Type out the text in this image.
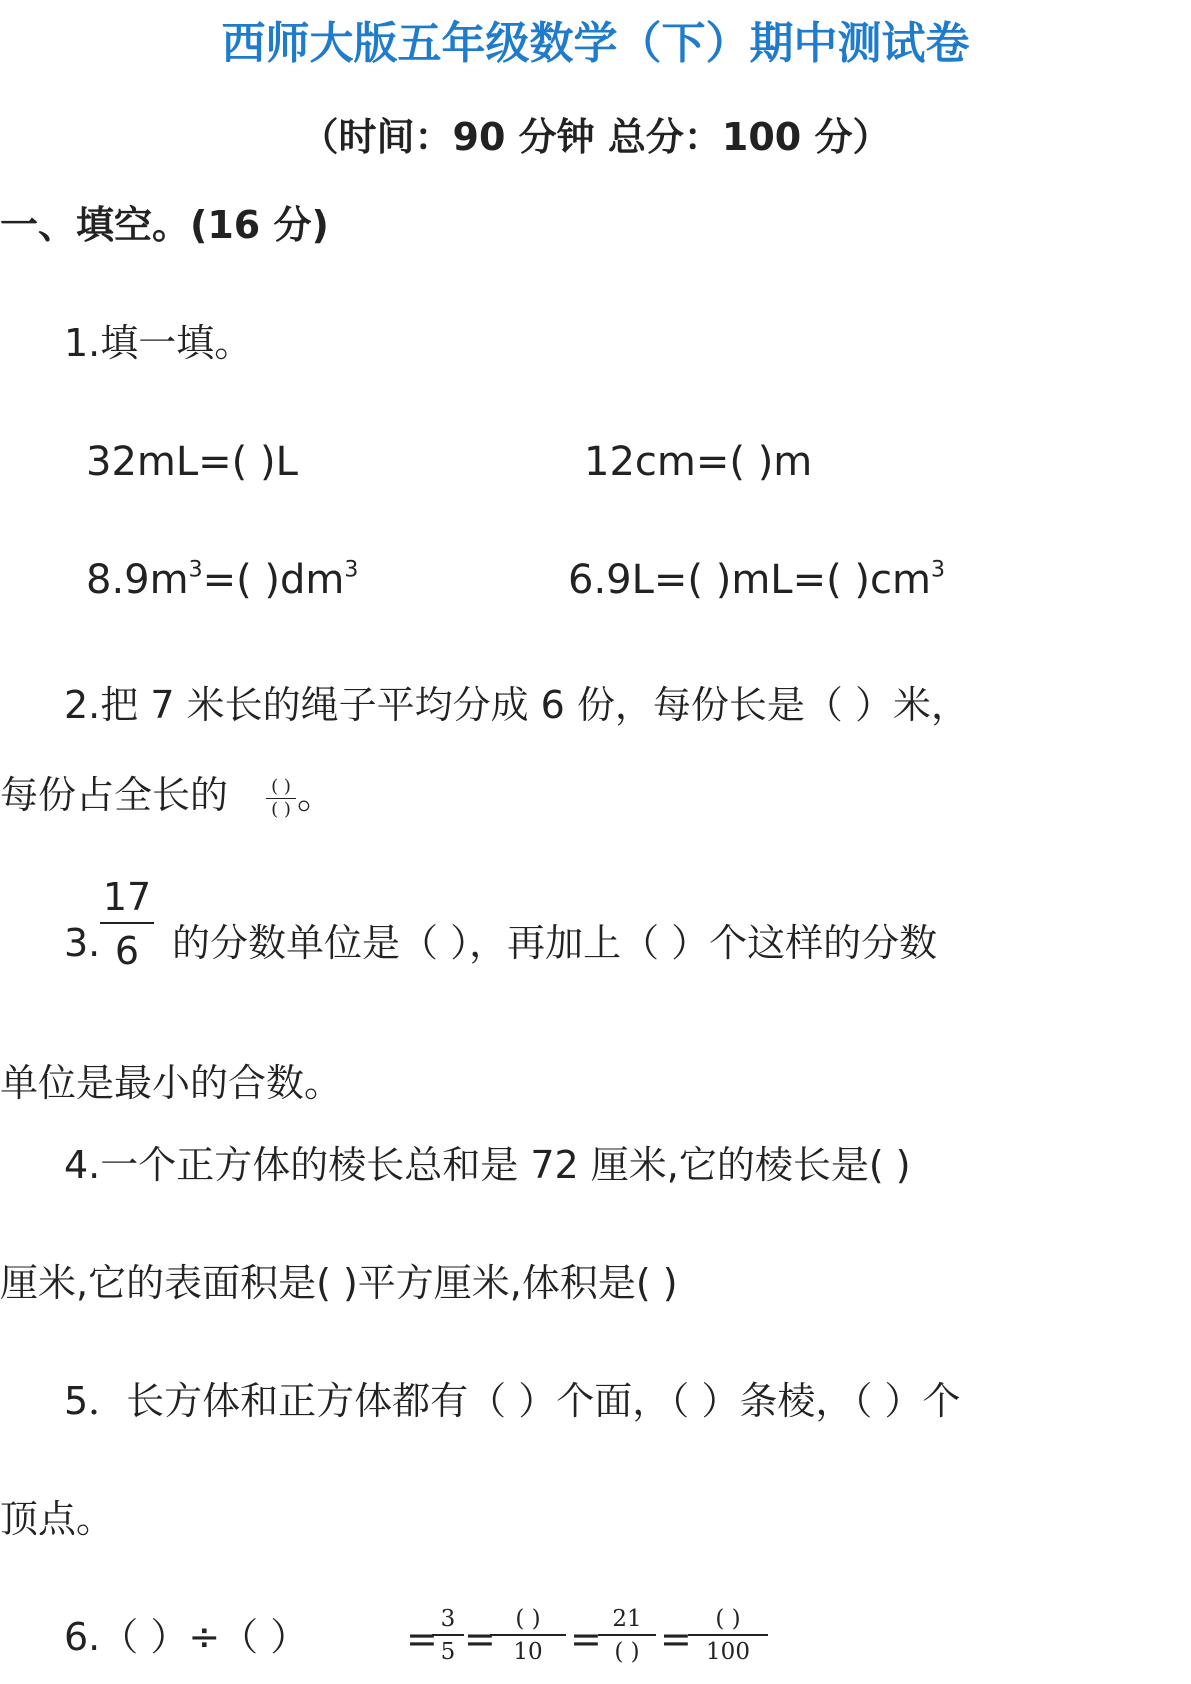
西师大版五年级数学（下）期中测试卷
（时间：90 分钟 总分：100 分）
一、填空。(16 分)
1.填一填。
32mL=( )L	12cm=( )m
$8.9m^3=$( )$dm^3$	6.9L=( )mL=( )$cm^3$
2.把 7 米长的绳子平均分成 6 份，每份长是（ ）米，
每份占全长的 ( )
( ) 。
3.
17
6 的分数单位是（ ），再加上（ ）个这样的分数
单位是最小的合数。
4.一个正方体的棱长总和是 72 厘米,它的棱长是( )
厘米,它的表面积是( )平方厘米,体积是( )
5．长方体和正方体都有（ ）个面，（ ）条棱，（ ）个
顶点。
6.（ ）÷（ ）	= 3
5 = ( )
10 = 21
( ) =	( )
100
